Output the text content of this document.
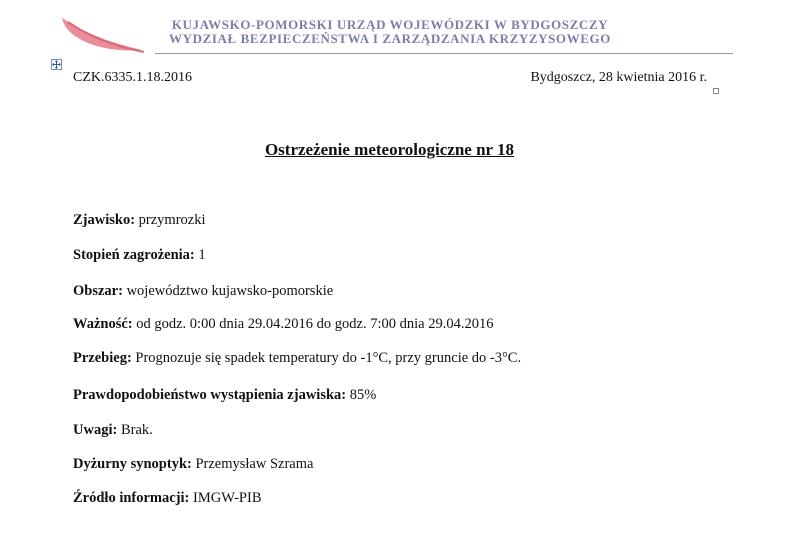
KUJAWSKO-POMORSKI URZĄD WOJEWÓDZKI W BYDGOSZCZY
WYDZIAŁ BEZPIECZEŃSTWA I ZARZĄDZANIA KRZYZYSOWEGO
CZK.6335.1.18.2016	Bydgoszcz, 28 kwietnia 2016 r.
Ostrzeżenie meteorologiczne nr 18
Zjawisko: przymrozki
Stopień zagrożenia: 1
Obszar: województwo kujawsko-pomorskie
Ważność: od godz. 0:00 dnia 29.04.2016 do godz. 7:00 dnia 29.04.2016
Przebieg: Prognozuje się spadek temperatury do -1°C, przy gruncie do -3°C.
Prawdopodobieństwo wystąpienia zjawiska: 85%
Uwagi: Brak.
Dyżurny synoptyk: Przemysław Szrama
Źródło informacji: IMGW-PIB
